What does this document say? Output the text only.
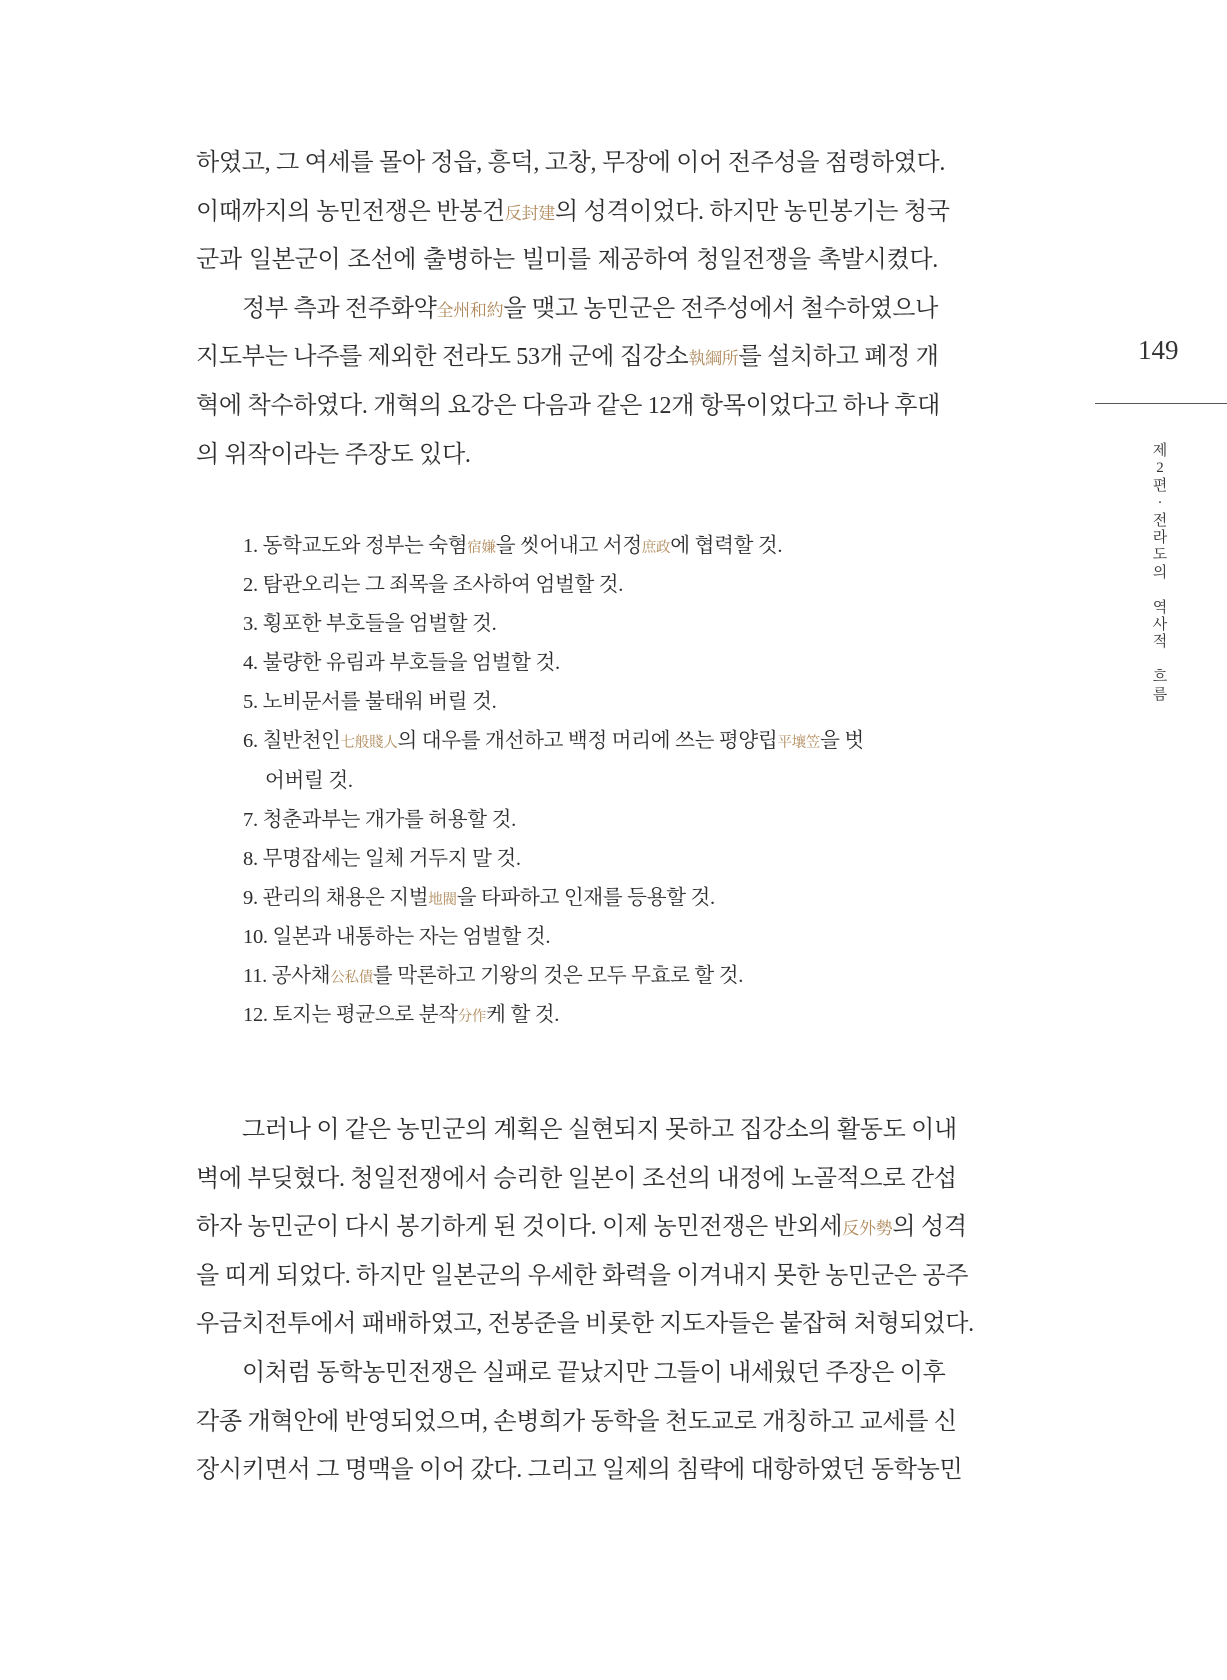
하였고, 그 여세를 몰아 정읍, 흥덕, 고창, 무장에 이어 전주성을 점령하였다.
이때까지의 농민전쟁은 반봉건反封建의 성격이었다. 하지만 농민봉기는 청국
군과 일본군이 조선에 출병하는 빌미를 제공하여 청일전쟁을 촉발시켰다.
정부 측과 전주화약全州和約을 맺고 농민군은 전주성에서 철수하였으나
지도부는 나주를 제외한 전라도 53개 군에 집강소執綱所를 설치하고 폐정 개
혁에 착수하였다. 개혁의 요강은 다음과 같은 12개 항목이었다고 하나 후대
의 위작이라는 주장도 있다.
1. 동학교도와 정부는 숙혐宿嫌을 씻어내고 서정庶政에 협력할 것.
2. 탐관오리는 그 죄목을 조사하여 엄벌할 것.
3. 횡포한 부호들을 엄벌할 것.
4. 불량한 유림과 부호들을 엄벌할 것.
5. 노비문서를 불태워 버릴 것.
6. 칠반천인七般賤人의 대우를 개선하고 백정 머리에 쓰는 평양립平壤笠을 벗
어버릴 것.
7. 청춘과부는 개가를 허용할 것.
8. 무명잡세는 일체 거두지 말 것.
9. 관리의 채용은 지벌地閥을 타파하고 인재를 등용할 것.
10. 일본과 내통하는 자는 엄벌할 것.
11. 공사채公私債를 막론하고 기왕의 것은 모두 무효로 할 것.
12. 토지는 평균으로 분작分作케 할 것.
그러나 이 같은 농민군의 계획은 실현되지 못하고 집강소의 활동도 이내
벽에 부딪혔다. 청일전쟁에서 승리한 일본이 조선의 내정에 노골적으로 간섭
하자 농민군이 다시 봉기하게 된 것이다. 이제 농민전쟁은 반외세反外勢의 성격
을 띠게 되었다. 하지만 일본군의 우세한 화력을 이겨내지 못한 농민군은 공주
우금치전투에서 패배하였고, 전봉준을 비롯한 지도자들은 붙잡혀 처형되었다.
이처럼 동학농민전쟁은 실패로 끝났지만 그들이 내세웠던 주장은 이후
각종 개혁안에 반영되었으며, 손병희가 동학을 천도교로 개칭하고 교세를 신
장시키면서 그 명맥을 이어 갔다. 그리고 일제의 침략에 대항하였던 동학농민
149
제
2
편
·
전
라
도
의

역
사
적

흐
름
